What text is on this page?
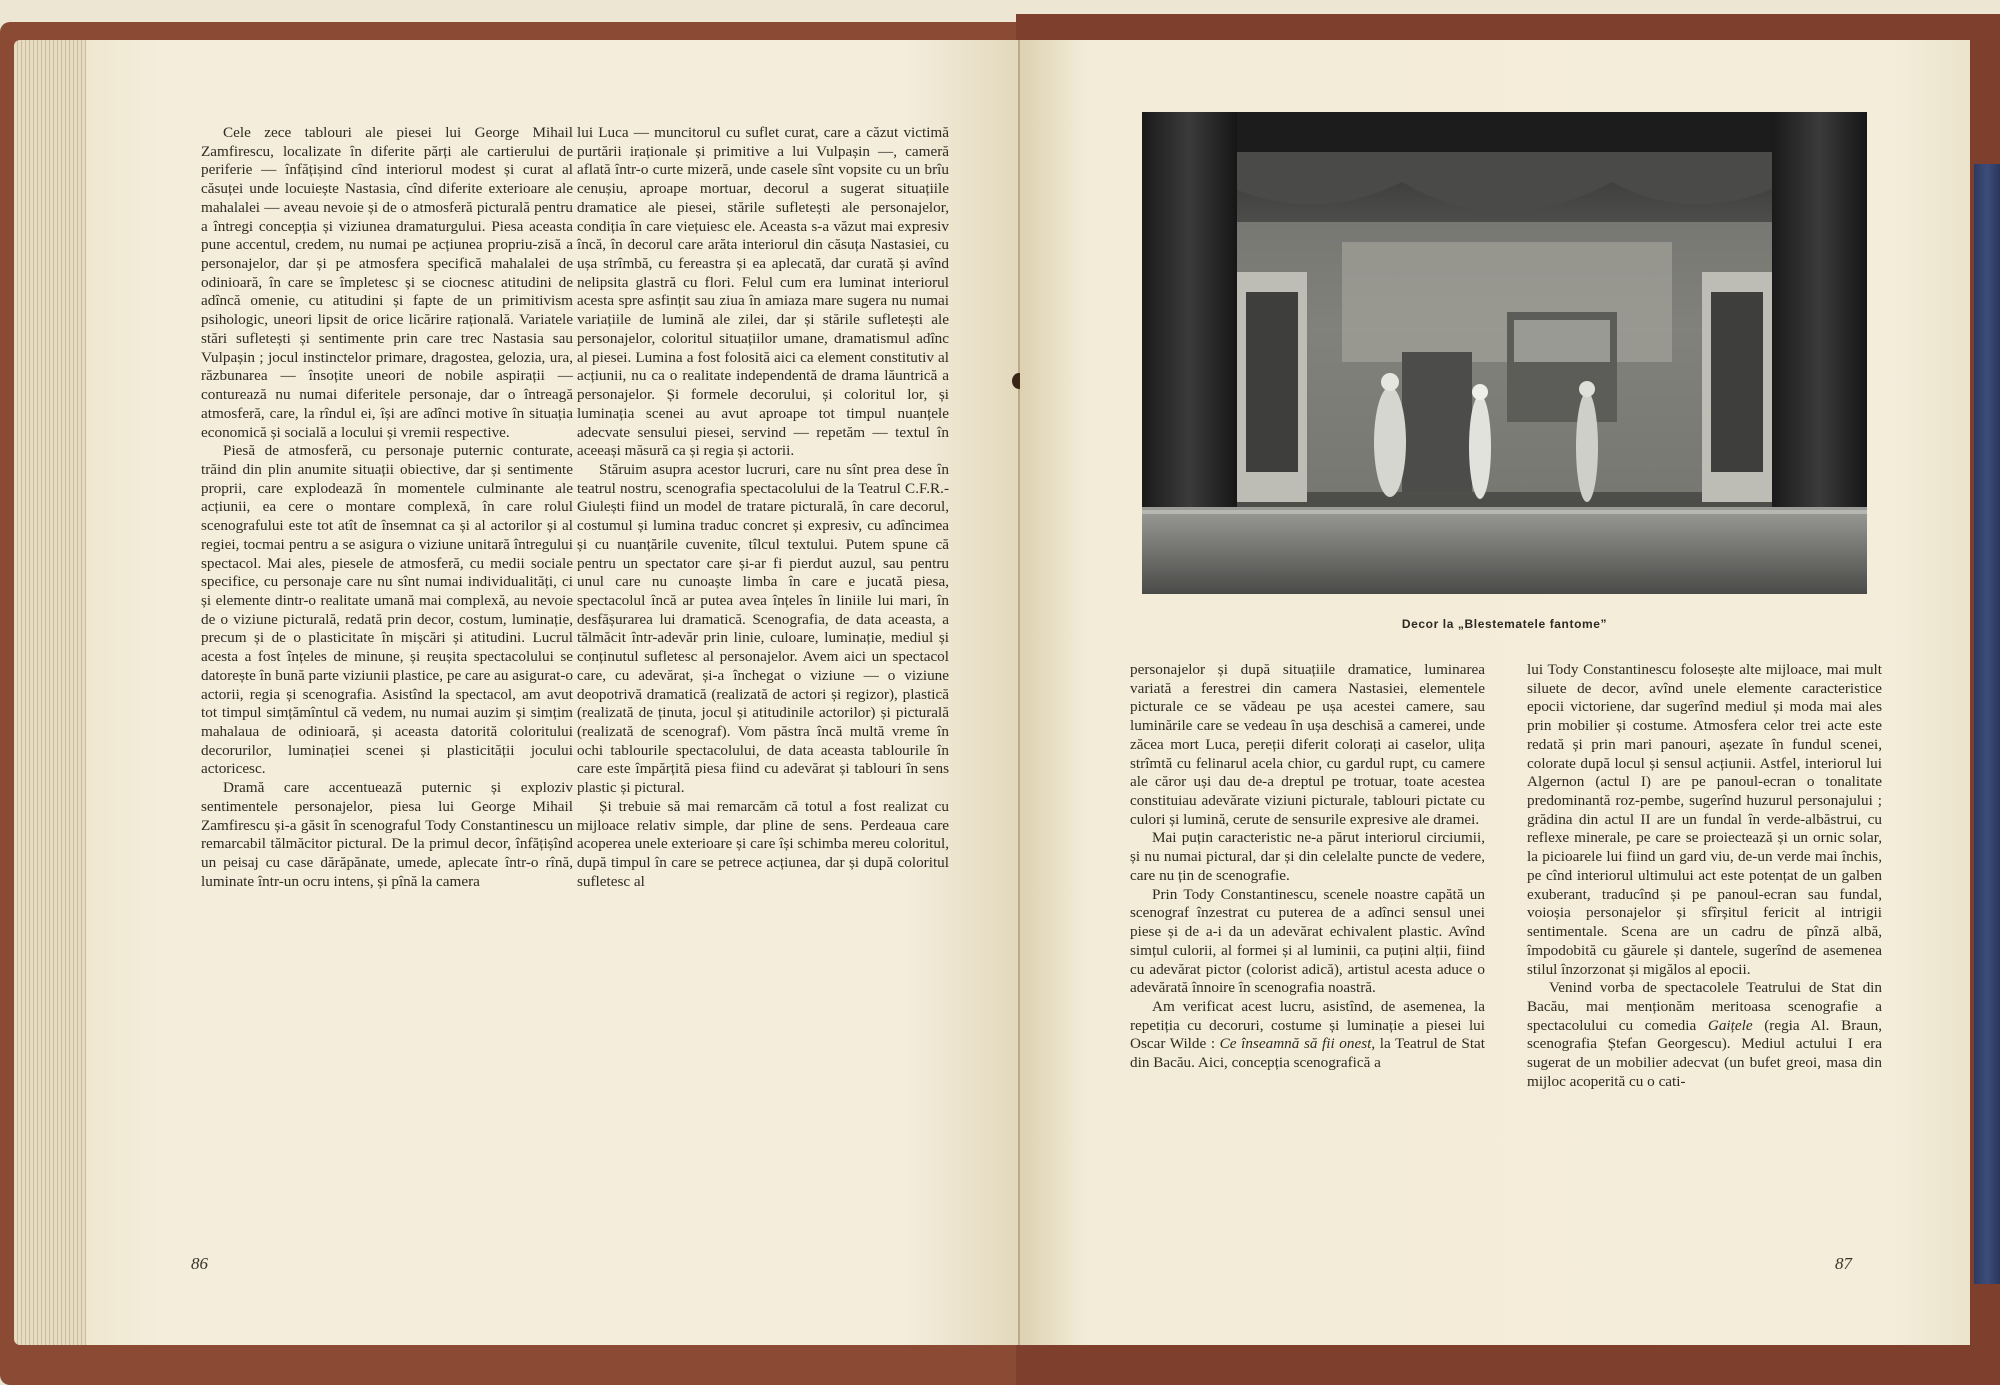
Cele zece tablouri ale piesei lui George Mihail Zamfirescu, localizate în diferite părți ale cartierului de periferie — înfățișind cînd interiorul modest și curat al căsuței unde locuiește Nastasia, cînd diferite exterioare ale mahalalei — aveau nevoie și de o atmosferă picturală pentru a întregi concepția și viziunea dramaturgului. Piesa aceasta pune accentul, credem, nu numai pe acțiunea propriu-zisă a personajelor, dar și pe atmosfera specifică mahalalei de odinioară, în care se împletesc și se ciocnesc atitudini de adîncă omenie, cu atitudini și fapte de un primitivism psihologic, uneori lipsit de orice licărire rațională. Variatele stări sufletești și sentimente prin care trec Nastasia sau Vulpașin ; jocul instinctelor primare, dragostea, gelozia, ura, răzbunarea — însoțite uneori de nobile aspirații — conturează nu numai diferitele personaje, dar o întreagă atmosferă, care, la rîndul ei, își are adînci motive în situația economică și socială a locului și vremii respective.

Piesă de atmosferă, cu personaje puternic conturate, trăind din plin anumite situații obiective, dar și sentimente proprii, care explodează în momentele culminante ale acțiunii, ea cere o montare complexă, în care rolul scenografului este tot atît de însemnat ca și al actorilor și al regiei, tocmai pentru a se asigura o viziune unitară întregului spectacol. Mai ales, piesele de atmosferă, cu medii sociale specifice, cu personaje care nu sînt numai individualități, ci și elemente dintr-o realitate umană mai complexă, au nevoie de o viziune picturală, redată prin decor, costum, luminație, precum și de o plasticitate în mișcări și atitudini. Lucrul acesta a fost înțeles de minune, și reușita spectacolului se datorește în bună parte viziunii plastice, pe care au asigurat-o actorii, regia și scenografia. Asistînd la spectacol, am avut tot timpul simțămîntul că vedem, nu numai auzim și simțim mahalaua de odinioară, și aceasta datorită coloritului decorurilor, luminației scenei și plasticității jocului actoricesc.

Dramă care accentuează puternic și exploziv sentimentele personajelor, piesa lui George Mihail Zamfirescu și-a găsit în scenograful Tody Constantinescu un remarcabil tălmăcitor pictural. De la primul decor, înfățișînd un peisaj cu case dărăpănate, umede, aplecate într-o rînă, luminate într-un ocru intens, și pînă la camera

lui Luca — muncitorul cu suflet curat, care a căzut victimă purtării iraționale și primitive a lui Vulpașin —, cameră aflată într-o curte mizeră, unde casele sînt vopsite cu un brîu cenușiu, aproape mortuar, decorul a sugerat situațiile dramatice ale piesei, stările sufletești ale personajelor, condiția în care viețuiesc ele. Aceasta s-a văzut mai expresiv încă, în decorul care arăta interiorul din căsuța Nastasiei, cu ușa strîmbă, cu fereastra și ea aplecată, dar curată și avînd nelipsita glastră cu flori. Felul cum era luminat interiorul acesta spre asfințit sau ziua în amiaza mare sugera nu numai variațiile de lumină ale zilei, dar și stările sufletești ale personajelor, coloritul situațiilor umane, dramatismul adînc al piesei. Lumina a fost folosită aici ca element constitutiv al acțiunii, nu ca o realitate independentă de drama lăuntrică a personajelor. Și formele decorului, și coloritul lor, și luminația scenei au avut aproape tot timpul nuanțele adecvate sensului piesei, servind — repetăm — textul în aceeași măsură ca și regia și actorii.

Stăruim asupra acestor lucruri, care nu sînt prea dese în teatrul nostru, scenografia spectacolului de la Teatrul C.F.R.-Giulești fiind un model de tratare picturală, în care decorul, costumul și lumina traduc concret și expresiv, cu adîncimea și cu nuanțările cuvenite, tîlcul textului. Putem spune că pentru un spectator care și-ar fi pierdut auzul, sau pentru unul care nu cunoaște limba în care e jucată piesa, spectacolul încă ar putea avea înțeles în liniile lui mari, în desfășurarea lui dramatică. Scenografia, de data aceasta, a tălmăcit într-adevăr prin linie, culoare, luminație, mediul și conținutul sufletesc al personajelor. Avem aici un spectacol care, cu adevărat, și-a închegat o viziune — o viziune deopotrivă dramatică (realizată de actori și regizor), plastică (realizată de ținuta, jocul și atitudinile actorilor) și picturală (realizată de scenograf). Vom păstra încă multă vreme în ochi tablourile spectacolului, de data aceasta tablourile în care este împărțită piesa fiind cu adevărat și tablouri în sens plastic și pictural.

Și trebuie să mai remarcăm că totul a fost realizat cu mijloace relativ simple, dar pline de sens. Perdeaua care acoperea unele exterioare și care își schimba mereu coloritul, după timpul în care se petrece acțiunea, dar și după coloritul sufletesc al

86
Decor la „Blestematele fantome”

personajelor și după situațiile dramatice, luminarea variată a ferestrei din camera Nastasiei, elementele picturale ce se vădeau pe ușa acestei camere, sau luminările care se vedeau în ușa deschisă a camerei, unde zăcea mort Luca, pereții diferit colorați ai caselor, ulița strîmtă cu felinarul acela chior, cu gardul rupt, cu camere ale căror uși dau de-a dreptul pe trotuar, toate acestea constituiau adevărate viziuni picturale, tablouri pictate cu culori și lumină, cerute de sensurile expresive ale dramei.

Mai puțin caracteristic ne-a părut interiorul circiumii, și nu numai pictural, dar și din celelalte puncte de vedere, care nu țin de scenografie.

Prin Tody Constantinescu, scenele noastre capătă un scenograf înzestrat cu puterea de a adînci sensul unei piese și de a-i da un adevărat echivalent plastic. Avînd simțul culorii, al formei și al luminii, ca puțini alții, fiind cu adevărat pictor (colorist adică), artistul acesta aduce o adevărată înnoire în scenografia noastră.

Am verificat acest lucru, asistînd, de asemenea, la repetiția cu decoruri, costume și luminație a piesei lui Oscar Wilde : Ce înseamnă să fii onest, la Teatrul de Stat din Bacău. Aici, concepția scenografică a

lui Tody Constantinescu folosește alte mijloace, mai mult siluete de decor, avînd unele elemente caracteristice epocii victoriene, dar sugerînd mediul și moda mai ales prin mobilier și costume. Atmosfera celor trei acte este redată și prin mari panouri, așezate în fundul scenei, colorate după locul și sensul acțiunii. Astfel, interiorul lui Algernon (actul I) are pe panoul-ecran o tonalitate predominantă roz-pembe, sugerînd huzurul personajului ; grădina din actul II are un fundal în verde-albăstrui, cu reflexe minerale, pe care se proiectează și un ornic solar, la picioarele lui fiind un gard viu, de-un verde mai închis, pe cînd interiorul ultimului act este potențat de un galben exuberant, traducînd și pe panoul-ecran sau fundal, voioșia personajelor și sfîrșitul fericit al intrigii sentimentale. Scena are un cadru de pînză albă, împodobită cu găurele și dantele, sugerînd de asemenea stilul înzorzonat și migălos al epocii.

Venind vorba de spectacolele Teatrului de Stat din Bacău, mai menționăm meritoasa scenografie a spectacolului cu comedia Gaițele (regia Al. Braun, scenografia Ștefan Georgescu). Mediul actului I era sugerat de un mobilier adecvat (un bufet greoi, masa din mijloc acoperită cu o cati-

87
